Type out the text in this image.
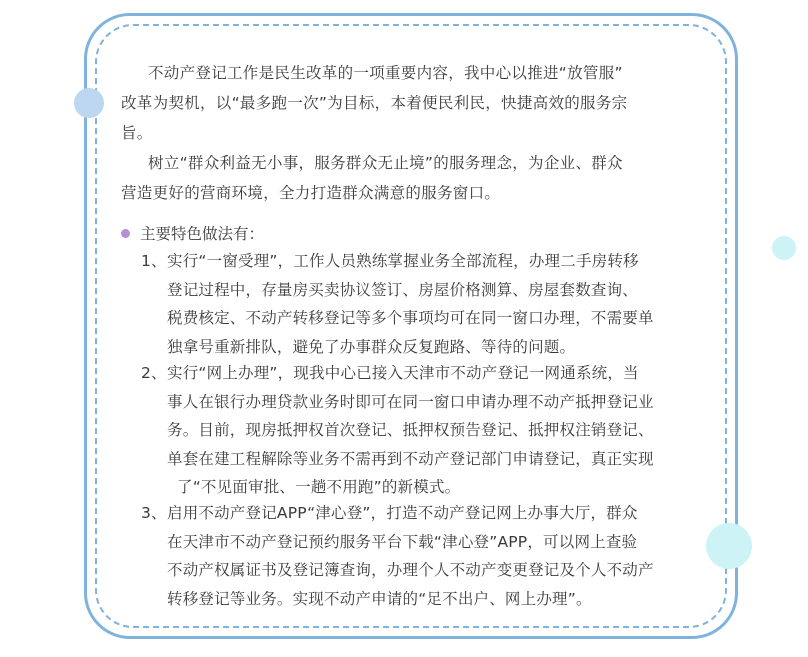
不动产登记工作是民生改革的一项重要内容，我中心以推进“放管服”
改革为契机，以“最多跑一次”为目标，本着便民利民，快捷高效的服务宗
旨。
树立“群众利益无小事，服务群众无止境”的服务理念，为企业、群众
营造更好的营商环境，全力打造群众满意的服务窗口。
主要特色做法有：
1、实行“一窗受理”，工作人员熟练掌握业务全部流程，办理二手房转移
登记过程中，存量房买卖协议签订、房屋价格测算、房屋套数查询、
税费核定、不动产转移登记等多个事项均可在同一窗口办理，不需要单
独拿号重新排队，避免了办事群众反复跑路、等待的问题。
2、实行“网上办理”，现我中心已接入天津市不动产登记一网通系统，当
事人在银行办理贷款业务时即可在同一窗口申请办理不动产抵押登记业
务。目前，现房抵押权首次登记、抵押权预告登记、抵押权注销登记、
单套在建工程解除等业务不需再到不动产登记部门申请登记，真正实现
了“不见面审批、一趟不用跑”的新模式。
3、启用不动产登记APP“津心登”，打造不动产登记网上办事大厅，群众
在天津市不动产登记预约服务平台下载“津心登”APP，可以网上查验
不动产权属证书及登记簿查询，办理个人不动产变更登记及个人不动产
转移登记等业务。实现不动产申请的“足不出户、网上办理”。
